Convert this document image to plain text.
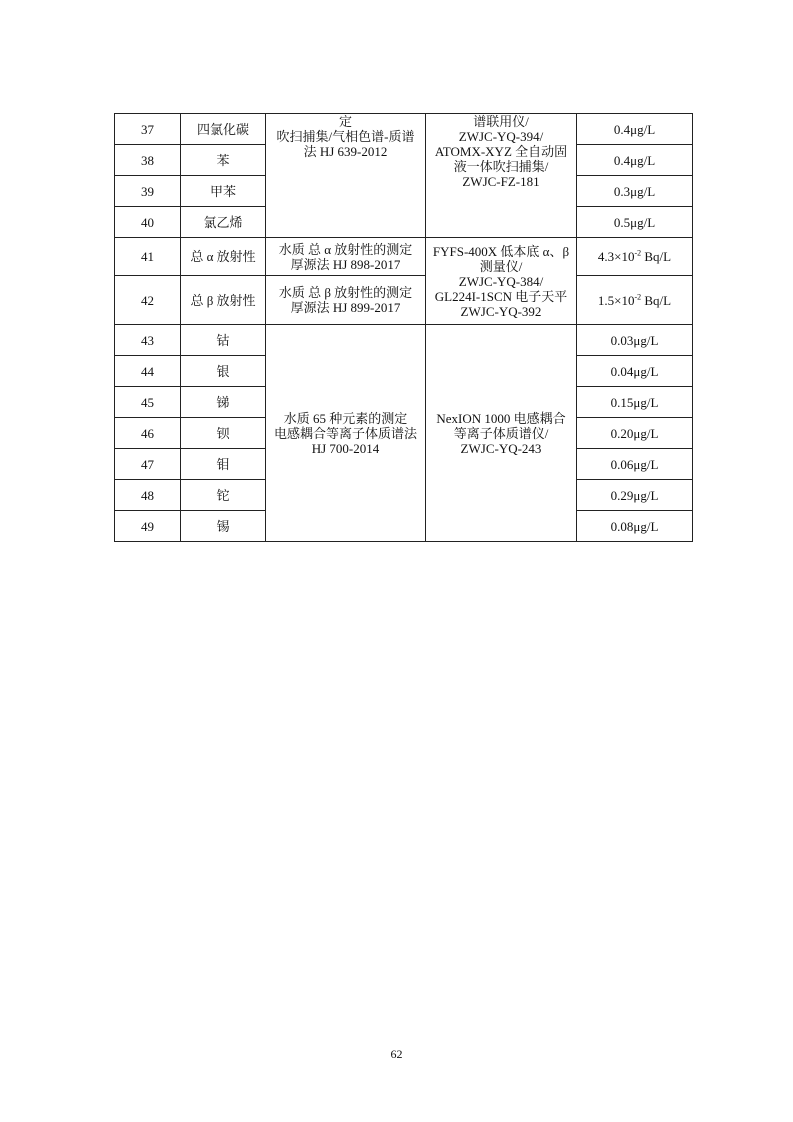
37	四氯化碳	定
吹扫捕集/气相色谱-质谱
法 HJ 639-2012	谱联用仪/
ZWJC-YQ-394/
ATOMX-XYZ 全自动固
液一体吹扫捕集/
ZWJC-FZ-181	0.4μg/L
38	苯			0.4μg/L
39	甲苯			0.3μg/L
40	氯乙烯			0.5μg/L
41	总 α 放射性	水质 总 α 放射性的测定
厚源法 HJ 898-2017	FYFS-400X 低本底 α、β
测量仪/
ZWJC-YQ-384/
GL224I-1SCN 电子天平
ZWJC-YQ-392	$4.3\times 10^{-2}$ Bq/L
42	总 β 放射性	水质 总 β 放射性的测定
厚源法 HJ 899-2017		$1.5\times 10^{-2}$ Bq/L
43	钴	水质 65 种元素的测定
电感耦合等离子体质谱法
HJ 700-2014	NexION 1000 电感耦合
等离子体质谱仪/
ZWJC-YQ-243	0.03μg/L
44	银			0.04μg/L
45	锑			0.15μg/L
46	钡			0.20μg/L
47	钼			0.06μg/L
48	铊			0.29μg/L
49	锡			0.08μg/L
62
